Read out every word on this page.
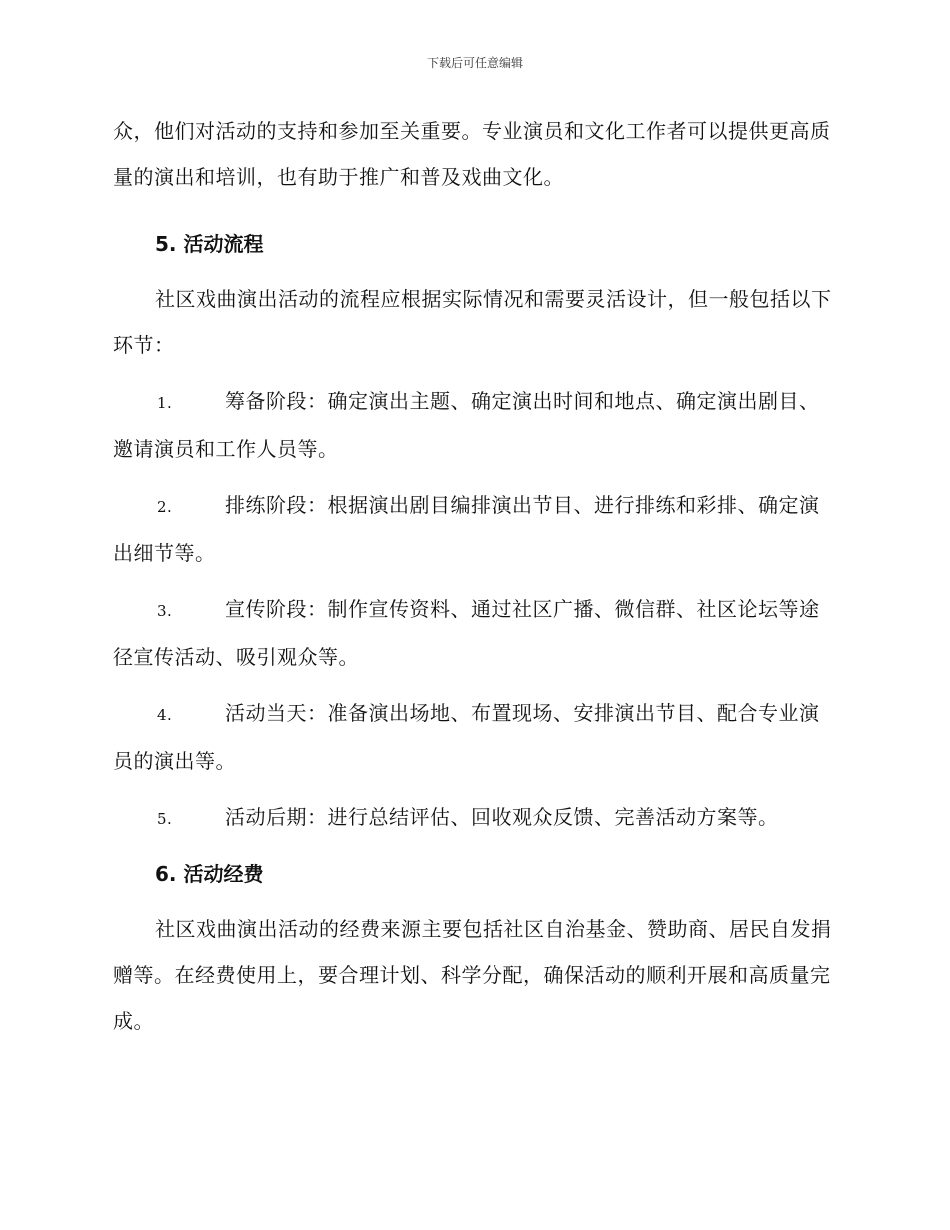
下载后可任意编辑

众，他们对活动的支持和参加至关重要。专业演员和文化工作者可以提供更高质量的演出和培训，也有助于推广和普及戏曲文化。

5. 活动流程

社区戏曲演出活动的流程应根据实际情况和需要灵活设计，但一般包括以下环节：

1.	筹备阶段：确定演出主题、确定演出时间和地点、确定演出剧目、邀请演员和工作人员等。
2.	排练阶段：根据演出剧目编排演出节目、进行排练和彩排、确定演出细节等。
3.	宣传阶段：制作宣传资料、通过社区广播、微信群、社区论坛等途径宣传活动、吸引观众等。
4.	活动当天：准备演出场地、布置现场、安排演出节目、配合专业演员的演出等。
5.	活动后期：进行总结评估、回收观众反馈、完善活动方案等。
6. 活动经费

社区戏曲演出活动的经费来源主要包括社区自治基金、赞助商、居民自发捐赠等。在经费使用上，要合理计划、科学分配，确保活动的顺利开展和高质量完成。
